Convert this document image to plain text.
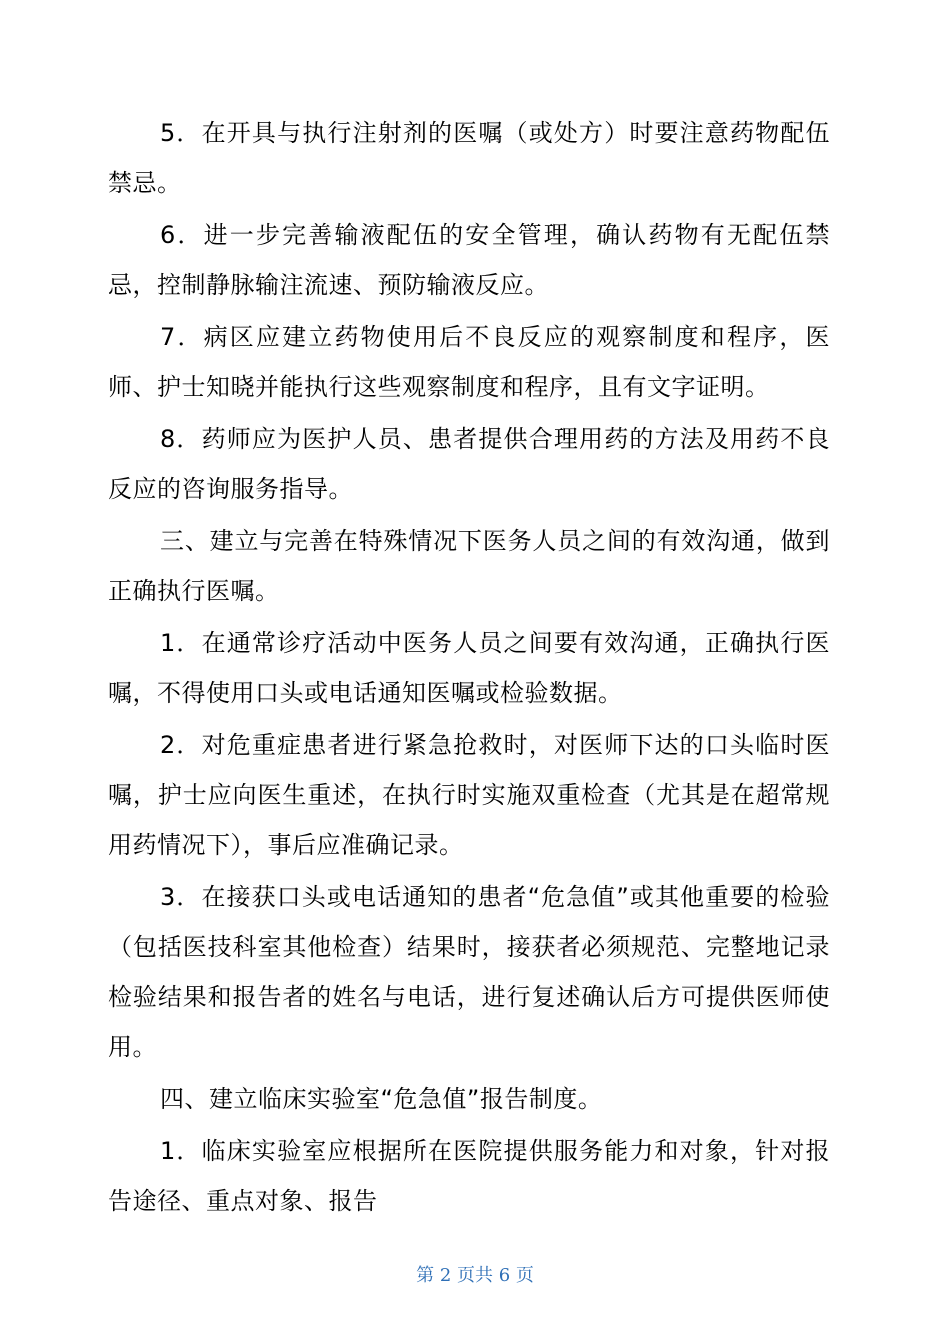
5．在开具与执行注射剂的医嘱（或处方）时要注意药物配伍禁忌。

6．进一步完善输液配伍的安全管理，确认药物有无配伍禁忌，控制静脉输注流速、预防输液反应。

7．病区应建立药物使用后不良反应的观察制度和程序，医师、护士知晓并能执行这些观察制度和程序，且有文字证明。

8．药师应为医护人员、患者提供合理用药的方法及用药不良反应的咨询服务指导。

三、建立与完善在特殊情况下医务人员之间的有效沟通，做到正确执行医嘱。

1．在通常诊疗活动中医务人员之间要有效沟通，正确执行医嘱，不得使用口头或电话通知医嘱或检验数据。

2．对危重症患者进行紧急抢救时，对医师下达的口头临时医嘱，护士应向医生重述，在执行时实施双重检查（尤其是在超常规用药情况下），事后应准确记录。

3．在接获口头或电话通知的患者“危急值”或其他重要的检验（包括医技科室其他检查）结果时，接获者必须规范、完整地记录检验结果和报告者的姓名与电话，进行复述确认后方可提供医师使用。

四、建立临床实验室“危急值”报告制度。

1．临床实验室应根据所在医院提供服务能力和对象，针对报告途径、重点对象、报告

第 2 页共 6 页
